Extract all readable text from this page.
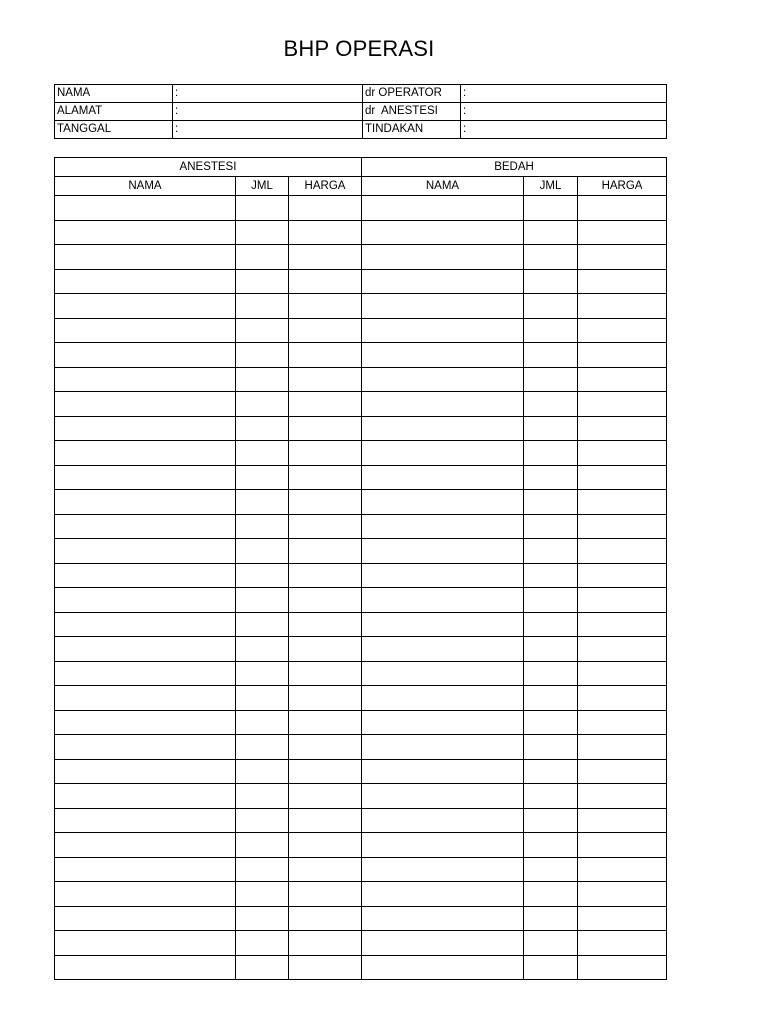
BHP OPERASI
NAMA	:	dr OPERATOR	:
ALAMAT	:	dr  ANESTESI	:
TANGGAL	:	TINDAKAN	:
ANESTESI			BEDAH		
NAMA	JML	HARGA	NAMA	JML	HARGA
